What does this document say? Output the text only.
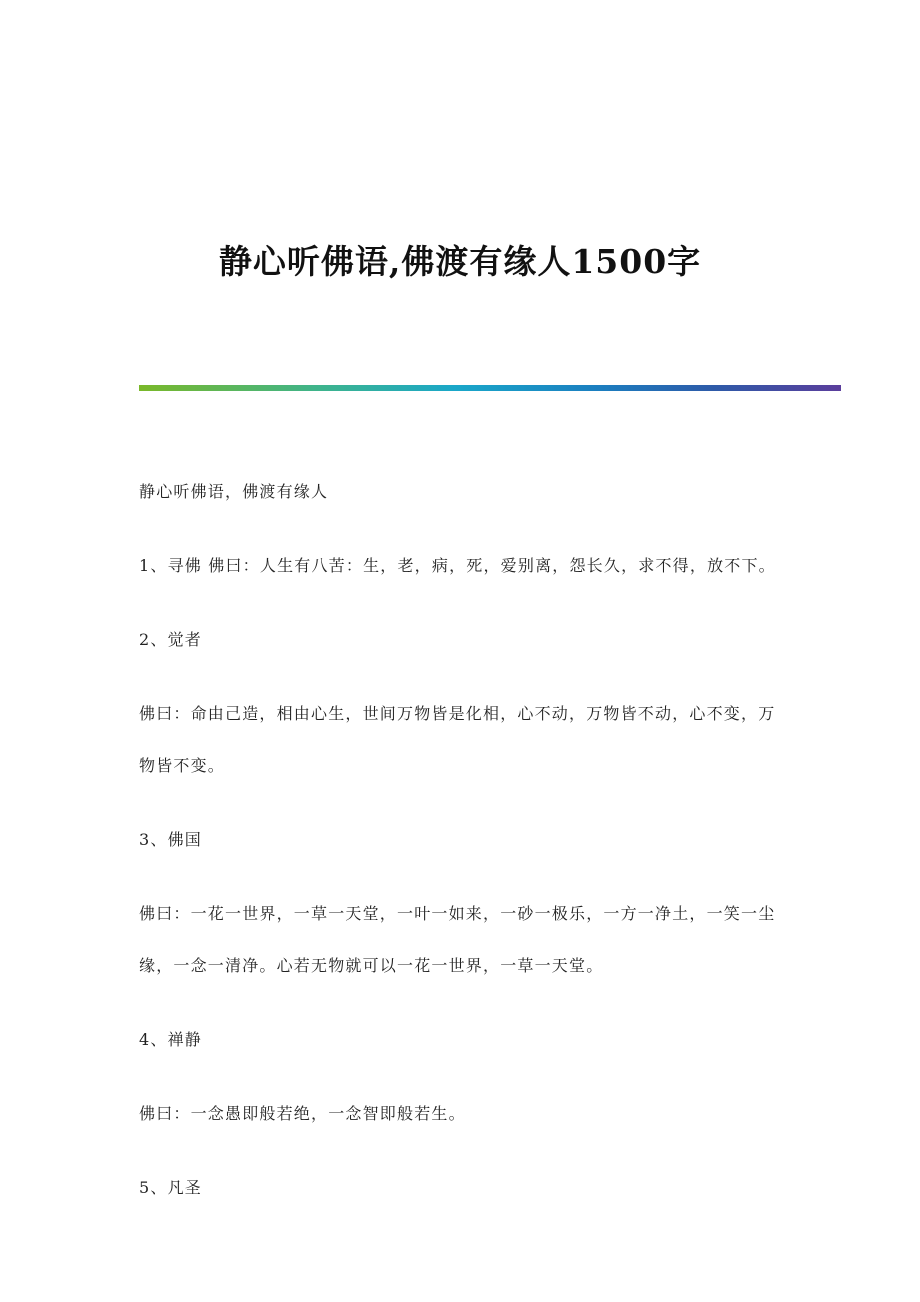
静心听佛语,佛渡有缘人1500字

静心听佛语，佛渡有缘人

1、寻佛 佛曰：人生有八苦：生，老，病，死，爱别离，怨长久，求不得，放不下。

2、觉者

佛曰：命由己造，相由心生，世间万物皆是化相，心不动，万物皆不动，心不变，万物皆不变。

3、佛国

佛曰：一花一世界，一草一天堂，一叶一如来，一砂一极乐，一方一净土，一笑一尘缘，一念一清净。心若无物就可以一花一世界，一草一天堂。

4、禅静

佛曰：一念愚即般若绝，一念智即般若生。

5、凡圣
